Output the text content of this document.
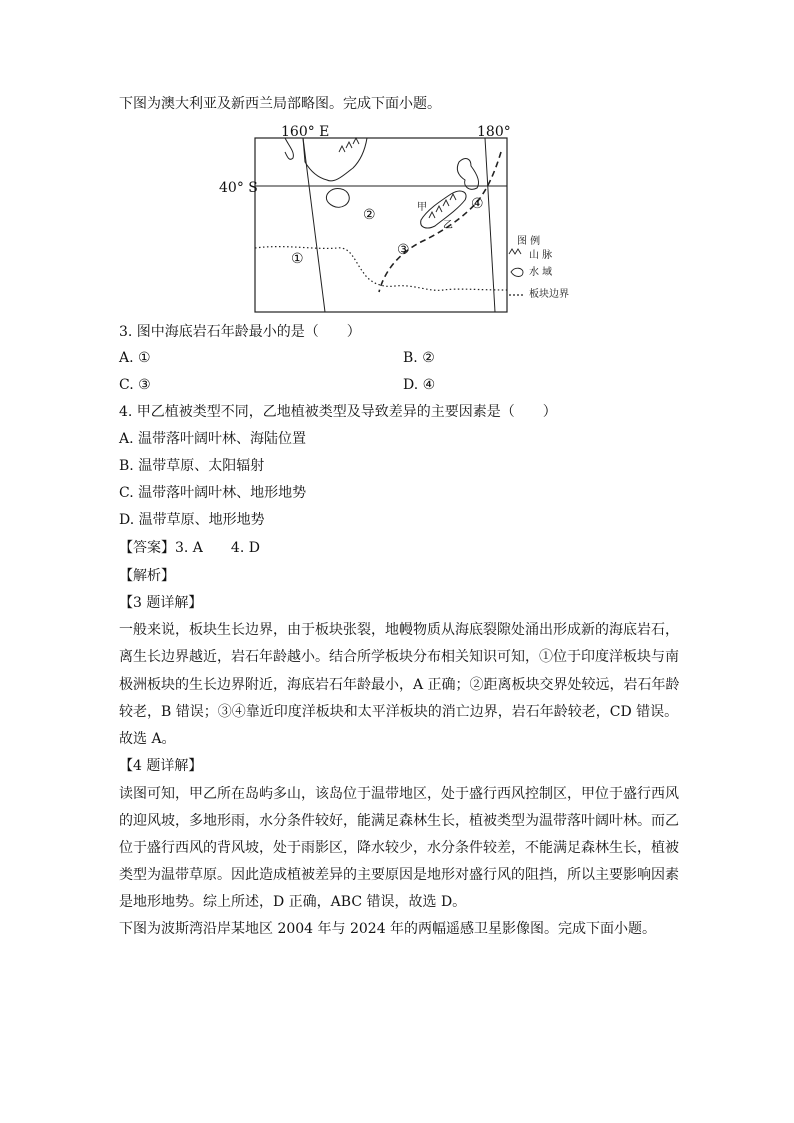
下图为澳大利亚及新西兰局部略图。完成下面小题。
160° E	180°
40° S
①
②
③
④
甲
乙
图 例
山 脉
水 域
板块边界
3. 图中海底岩石年龄最小的是（　　）
A. ①	B. ②
C. ③	D. ④
4. 甲乙植被类型不同，乙地植被类型及导致差异的主要因素是（　　）
A. 温带落叶阔叶林、海陆位置
B. 温带草原、太阳辐射
C. 温带落叶阔叶林、地形地势
D. 温带草原、地形地势
【答案】3. A　　4. D
【解析】
【3 题详解】
一般来说，板块生长边界，由于板块张裂，地幔物质从海底裂隙处涌出形成新的海底岩石，
离生长边界越近，岩石年龄越小。结合所学板块分布相关知识可知，①位于印度洋板块与南
极洲板块的生长边界附近，海底岩石年龄最小，A 正确；②距离板块交界处较远，岩石年龄
较老，B 错误；③④靠近印度洋板块和太平洋板块的消亡边界，岩石年龄较老，CD 错误。
故选 A。
【4 题详解】
读图可知，甲乙所在岛屿多山，该岛位于温带地区，处于盛行西风控制区，甲位于盛行西风
的迎风坡，多地形雨，水分条件较好，能满足森林生长，植被类型为温带落叶阔叶林。而乙
位于盛行西风的背风坡，处于雨影区，降水较少，水分条件较差，不能满足森林生长，植被
类型为温带草原。因此造成植被差异的主要原因是地形对盛行风的阻挡，所以主要影响因素
是地形地势。综上所述，D 正确，ABC 错误，故选 D。
下图为波斯湾沿岸某地区 2004 年与 2024 年的两幅遥感卫星影像图。完成下面小题。
